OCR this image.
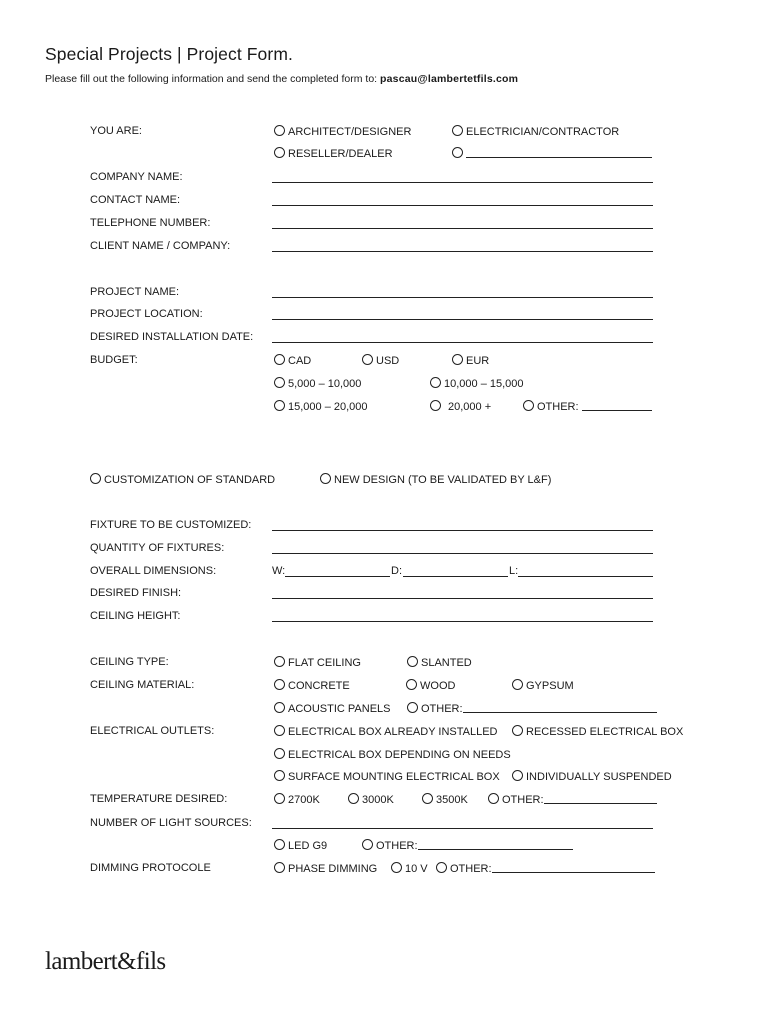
Special Projects | Project Form.
Please fill out the following information and send the completed form to: pascau@lambertetfils.com
YOU ARE:	ARCHITECT/DESIGNER	ELECTRICIAN/CONTRACTOR
RESELLER/DEALER
COMPANY NAME:
CONTACT NAME:
TELEPHONE NUMBER:
CLIENT NAME / COMPANY:
PROJECT NAME:
PROJECT LOCATION:
DESIRED INSTALLATION DATE:
BUDGET:	CAD	USD	EUR
5,000 – 10,000	10,000 – 15,000
15,000 – 20,000	20,000 +	OTHER:
CUSTOMIZATION OF STANDARD	NEW DESIGN (TO BE VALIDATED BY L&F)
FIXTURE TO BE CUSTOMIZED:
QUANTITY OF FIXTURES:
OVERALL DIMENSIONS:	W:	D:	L:
DESIRED FINISH:
CEILING HEIGHT:
CEILING TYPE:	FLAT CEILING	SLANTED
CEILING MATERIAL:	CONCRETE	WOOD	GYPSUM
ACOUSTIC PANELS	OTHER:
ELECTRICAL OUTLETS:	ELECTRICAL BOX ALREADY INSTALLED	RECESSED ELECTRICAL BOX
ELECTRICAL BOX DEPENDING ON NEEDS
SURFACE MOUNTING ELECTRICAL BOX	INDIVIDUALLY SUSPENDED
TEMPERATURE DESIRED:	2700K	3000K	3500K	OTHER:
NUMBER OF LIGHT SOURCES:
LED G9	OTHER:
DIMMING PROTOCOLE	PHASE DIMMING	10 V	OTHER:
lambert&fils
